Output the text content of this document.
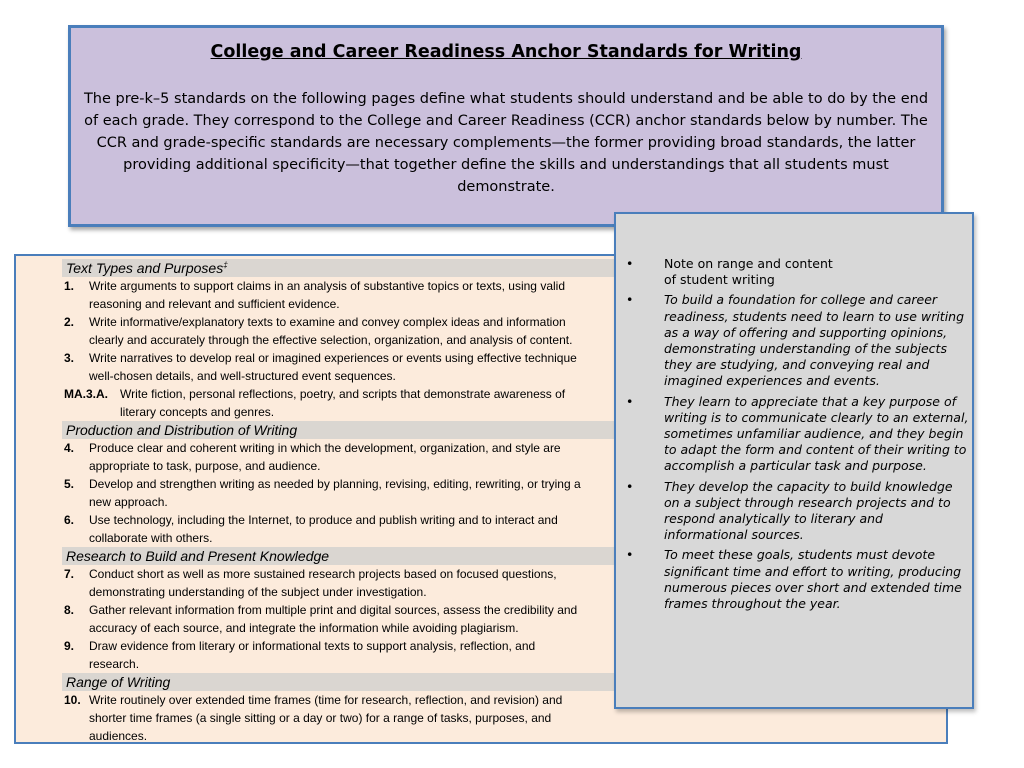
College and Career Readiness Anchor Standards for Writing
The pre-k–5 standards on the following pages define what students should understand and be able to do by the end of each grade. They correspond to the College and Career Readiness (CCR) anchor standards below by number. The CCR and grade-specific standards are necessary complements—the former providing broad standards, the latter providing additional specificity—that together define the skills and understandings that all students must demonstrate.
Text Types and Purposes‡
1. Write arguments to support claims in an analysis of substantive topics or texts, using valid
reasoning and relevant and sufficient evidence.
2. Write informative/explanatory texts to examine and convey complex ideas and information
clearly and accurately through the effective selection, organization, and analysis of content.
3. Write narratives to develop real or imagined experiences or events using effective technique
well-chosen details, and well-structured event sequences.
MA.3.A. Write fiction, personal reflections, poetry, and scripts that demonstrate awareness of
literary concepts and genres.
Production and Distribution of Writing
4. Produce clear and coherent writing in which the development, organization, and style are
appropriate to task, purpose, and audience.
5. Develop and strengthen writing as needed by planning, revising, editing, rewriting, or trying a
new approach.
6. Use technology, including the Internet, to produce and publish writing and to interact and
collaborate with others.
Research to Build and Present Knowledge
7. Conduct short as well as more sustained research projects based on focused questions,
demonstrating understanding of the subject under investigation.
8. Gather relevant information from multiple print and digital sources, assess the credibility and
accuracy of each source, and integrate the information while avoiding plagiarism.
9. Draw evidence from literary or informational texts to support analysis, reflection, and
research.
Range of Writing
10. Write routinely over extended time frames (time for research, reflection, and revision) and
shorter time frames (a single sitting or a day or two) for a range of tasks, purposes, and
audiences.
• Note on range and content
of student writing
• To build a foundation for college and career readiness, students need to learn to use writing as a way of offering and supporting opinions, demonstrating understanding of the subjects they are studying, and conveying real and imagined experiences and events.
• They learn to appreciate that a key purpose of writing is to communicate clearly to an external, sometimes unfamiliar audience, and they begin to adapt the form and content of their writing to accomplish a particular task and purpose.
• They develop the capacity to build knowledge on a subject through research projects and to respond analytically to literary and informational sources.
• To meet these goals, students must devote significant time and effort to writing, producing numerous pieces over short and extended time frames throughout the year.
